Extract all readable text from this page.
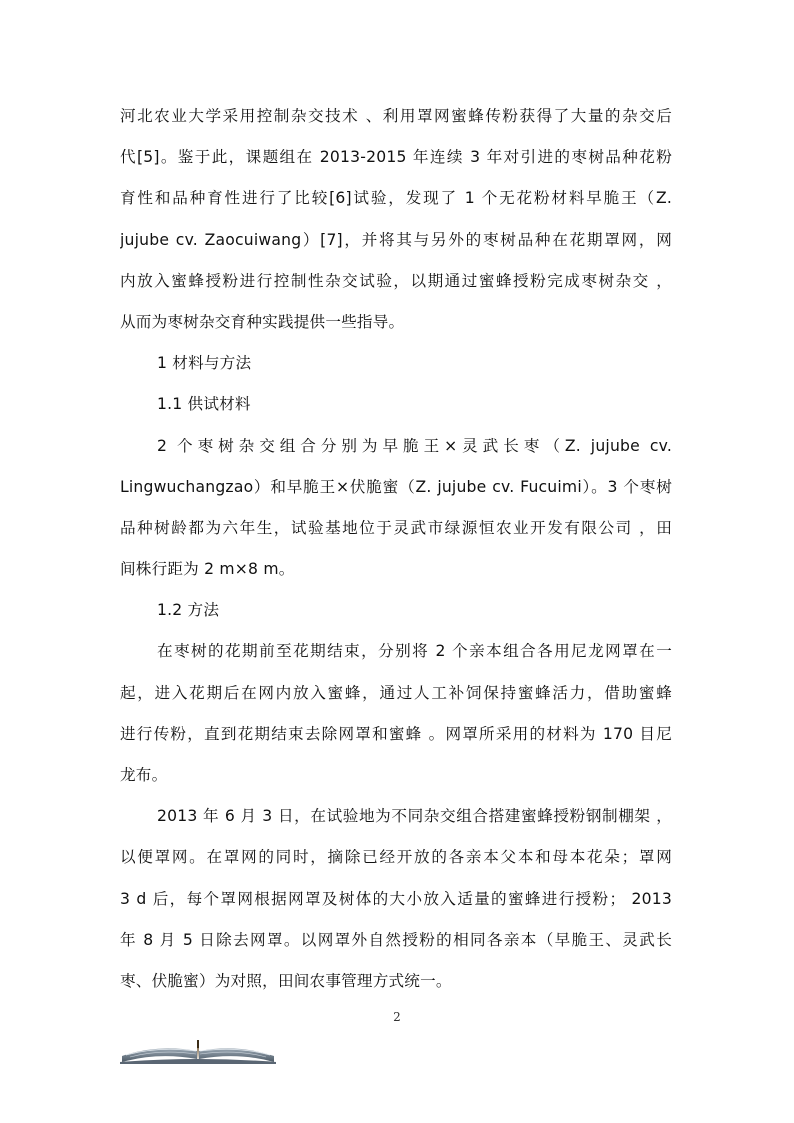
河北农业大学采用控制杂交技术 、利用罩网蜜蜂传粉获得了大量的杂交后
代[5]。鉴于此，课题组在 2013-2015 年连续 3 年对引进的枣树品种花粉
育性和品种育性进行了比较[6]试验，发现了 1 个无花粉材料早脆王（Z.
jujube cv. Zaocuiwang）[7]，并将其与另外的枣树品种在花期罩网，网
内放入蜜蜂授粉进行控制性杂交试验，以期通过蜜蜂授粉完成枣树杂交 ，
从而为枣树杂交育种实践提供一些指导。
1 材料与方法
1.1 供试材料
2 个枣树杂交组合分别为早脆王×灵武长枣（Z. jujube cv.
Lingwuchangzao）和早脆王×伏脆蜜（Z. jujube cv. Fucuimi）。3 个枣树
品种树龄都为六年生，试验基地位于灵武市绿源恒农业开发有限公司 ，田
间株行距为 2 m×8 m。
1.2 方法
在枣树的花期前至花期结束，分别将 2 个亲本组合各用尼龙网罩在一
起，进入花期后在网内放入蜜蜂，通过人工补饲保持蜜蜂活力，借助蜜蜂
进行传粉，直到花期结束去除网罩和蜜蜂 。网罩所采用的材料为 170 目尼
龙布。
2013 年 6 月 3 日，在试验地为不同杂交组合搭建蜜蜂授粉钢制棚架 ，
以便罩网。在罩网的同时，摘除已经开放的各亲本父本和母本花朵；罩网
3 d 后，每个罩网根据网罩及树体的大小放入适量的蜜蜂进行授粉； 2013
年 8 月 5 日除去网罩。以网罩外自然授粉的相同各亲本（早脆王、灵武长
枣、伏脆蜜）为对照，田间农事管理方式统一。
2
